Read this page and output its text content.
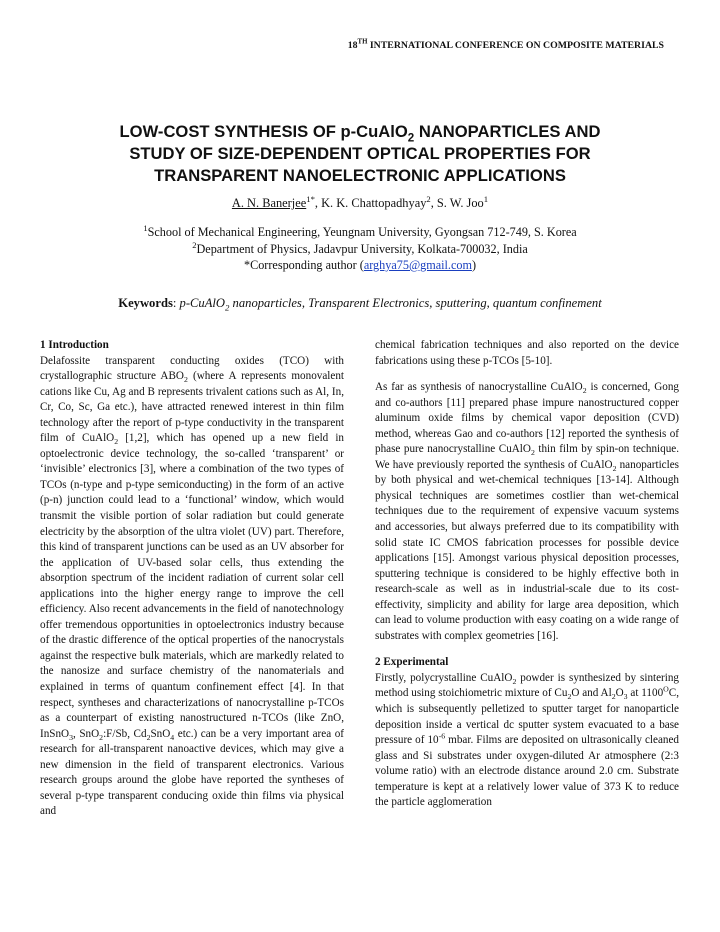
18TH INTERNATIONAL CONFERENCE ON COMPOSITE MATERIALS
LOW-COST SYNTHESIS OF p-CuAlO$_2$ NANOPARTICLES AND
STUDY OF SIZE-DEPENDENT OPTICAL PROPERTIES FOR
TRANSPARENT NANOELECTRONIC APPLICATIONS
A. N. Banerjee$^{1*}$, K. K. Chattopadhyay$^2$, S. W. Joo$^1$
$^1$School of Mechanical Engineering, Yeungnam University, Gyongsan 712-749, S. Korea
$^2$Department of Physics, Jadavpur University, Kolkata-700032, India
*Corresponding author (arghya75@gmail.com)
Keywords: p-CuAlO$_2$ nanoparticles, Transparent Electronics, sputtering, quantum confinement

1 Introduction

Delafossite transparent conducting oxides (TCO) with crystallographic structure $ABO_2$ (where A represents monovalent cations like Cu, Ag and B represents trivalent cations such as Al, In, Cr, Co, Sc, Ga etc.), have attracted renewed interest in thin film technology after the report of p-type conductivity in the transparent film of CuAlO$_2$ [1,2], which has opened up a new field in optoelectronic device technology, the so-called ‘transparent’ or ‘invisible’ electronics [3], where a combination of the two types of TCOs (n-type and p-type semiconducting) in the form of an active (p-n) junction could lead to a ‘functional’ window, which would transmit the visible portion of solar radiation but could generate electricity by the absorption of the ultra violet (UV) part. Therefore, this kind of transparent junctions can be used as an UV absorber for the application of UV-based solar cells, thus extending the absorption spectrum of the incident radiation of current solar cell applications into the higher energy range to improve the cell efficiency. Also recent advancements in the field of nanotechnology offer tremendous opportunities in optoelectronics industry because of the drastic difference of the optical properties of the nanocrystals against the respective bulk materials, which are markedly related to the nanosize and surface chemistry of the nanomaterials and explained in terms of quantum confinement effect [4]. In that respect, syntheses and characterizations of nanocrystalline p-TCOs as a counterpart of existing nanostructured n-TCOs (like ZnO, InSnO$_3$, SnO$_2$:F/Sb, $Cd_2SnO_4$ etc.) can be a very important area of research for all-transparent nanoactive devices, which may give a new dimension in the field of transparent electronics. Various research groups around the globe have reported the syntheses of several p-type transparent conducing oxide thin films via physical and

chemical fabrication techniques and also reported on the device fabrications using these p-TCOs [5-10].

As far as synthesis of nanocrystalline CuAlO$_2$ is concerned, Gong and co-authors [11] prepared phase impure nanostructured copper aluminum oxide films by chemical vapor deposition (CVD) method, whereas Gao and co-authors [12] reported the synthesis of phase pure nanocrystalline CuAlO$_2$ thin film by spin-on technique. We have previously reported the synthesis of CuAlO$_2$ nanoparticles by both physical and wet-chemical techniques [13-14]. Although physical techniques are sometimes costlier than wet-chemical techniques due to the requirement of expensive vacuum systems and accessories, but always preferred due to its compatibility with solid state IC CMOS fabrication processes for possible device applications [15]. Amongst various physical deposition processes, sputtering technique is considered to be highly effective both in research-scale as well as in industrial-scale due to its cost-effectivity, simplicity and ability for large area deposition, which can lead to volume production with easy coating on a wide range of substrates with complex geometries [16].

2 Experimental

Firstly, polycrystalline CuAlO$_2$ powder is synthesized by sintering method using stoichiometric mixture of $Cu_2O$ and $Al_2O_3$ at $1100^OC$, which is subsequently pelletized to sputter target for nanoparticle deposition inside a vertical dc sputter system evacuated to a base pressure of $10^{-6}$ mbar. Films are deposited on ultrasonically cleaned glass and Si substrates under oxygen-diluted Ar atmosphere (2:3 volume ratio) with an electrode distance around 2.0 cm. Substrate temperature is kept at a relatively lower value of 373 K to reduce the particle agglomeration
